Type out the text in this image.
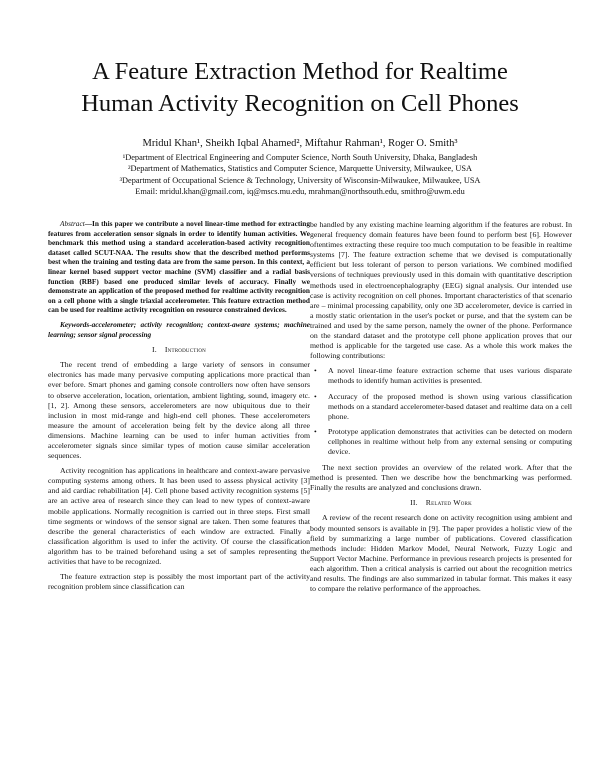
A Feature Extraction Method for Realtime
Human Activity Recognition on Cell Phones
Mridul Khan¹, Sheikh Iqbal Ahamed², Miftahur Rahman¹, Roger O. Smith³
¹Department of Electrical Engineering and Computer Science, North South University, Dhaka, Bangladesh
²Department of Mathematics, Statistics and Computer Science, Marquette University, Milwaukee, USA
³Department of Occupational Science & Technology, University of Wisconsin-Milwaukee, Milwaukee, USA
Email: mridul.khan@gmail.com, iq@mscs.mu.edu, mrahman@northsouth.edu, smithro@uwm.edu

Abstract—In this paper we contribute a novel linear-time method for extracting features from acceleration sensor signals in order to identify human activities. We benchmark this method using a standard acceleration-based activity recognition dataset called SCUT-NAA. The results show that the described method performs best when the training and testing data are from the same person. In this context, a linear kernel based support vector machine (SVM) classifier and a radial basis function (RBF) based one produced similar levels of accuracy. Finally we demonstrate an application of the proposed method for realtime activity recognition on a cell phone with a single triaxial accelerometer. This feature extraction method can be used for realtime activity recognition on resource constrained devices.

Keywords-accelerometer; activity recognition; context-aware systems; machine learning; sensor signal processing

I. Introduction

The recent trend of embedding a large variety of sensors in consumer electronics has made many pervasive computing applications more practical than ever before. Smart phones and gaming console controllers now often have sensors to observe acceleration, location, orientation, ambient lighting, sound, imagery etc. [1, 2]. Among these sensors, accelerometers are now ubiquitous due to their inclusion in most mid-range and high-end cell phones. These accelerometers measure the amount of acceleration being felt by the device along all three dimensions. Machine learning can be used to infer human activities from accelerometer signals since similar types of motion cause similar acceleration sequences.

Activity recognition has applications in healthcare and context-aware pervasive computing systems among others. It has been used to assess physical activity [3] and aid cardiac rehabilitation [4]. Cell phone based activity recognition systems [5] are an active area of research since they can lead to new types of context-aware mobile applications. Normally recognition is carried out in three steps. First small time segments or windows of the sensor signal are taken. Then some features that describe the general characteristics of each window are extracted. Finally a classification algorithm is used to infer the activity. Of course the classification algorithm has to be trained beforehand using a set of samples representing the activities that have to be recognized.

The feature extraction step is possibly the most important part of the activity recognition problem since classification can

be handled by any existing machine learning algorithm if the features are robust. In general frequency domain features have been found to perform best [6]. However oftentimes extracting these require too much computation to be feasible in realtime systems [7]. The feature extraction scheme that we devised is computationally efficient but less tolerant of person to person variations. We combined modified versions of techniques previously used in this domain with quantitative description methods used in electroencephalography (EEG) signal analysis. Our intended use case is activity recognition on cell phones. Important characteristics of that scenario are – minimal processing capability, only one 3D accelerometer, device is carried in a mostly static orientation in the user's pocket or purse, and that the system can be trained and used by the same person, namely the owner of the phone. Performance on the standard dataset and the prototype cell phone application proves that our method is applicable for the targeted use case. As a whole this work makes the following contributions:

• A novel linear-time feature extraction scheme that uses various disparate methods to identify human activities is presented.
• Accuracy of the proposed method is shown using various classification methods on a standard accelerometer-based dataset and realtime data on a cell phone.
• Prototype application demonstrates that activities can be detected on modern cellphones in realtime without help from any external sensing or computing device.

The next section provides an overview of the related work. After that the method is presented. Then we describe how the benchmarking was performed. Finally the results are analyzed and conclusions drawn.

II. Related Work

A review of the recent research done on activity recognition using ambient and body mounted sensors is available in [9]. The paper provides a holistic view of the field by summarizing a large number of publications. Covered classification methods include: Hidden Markov Model, Neural Network, Fuzzy Logic and Support Vector Machine. Performance in previous research projects is presented for each algorithm. Then a critical analysis is carried out about the recognition metrics and results. The findings are also summarized in tabular format. This makes it easy to compare the relative performance of the approaches.
